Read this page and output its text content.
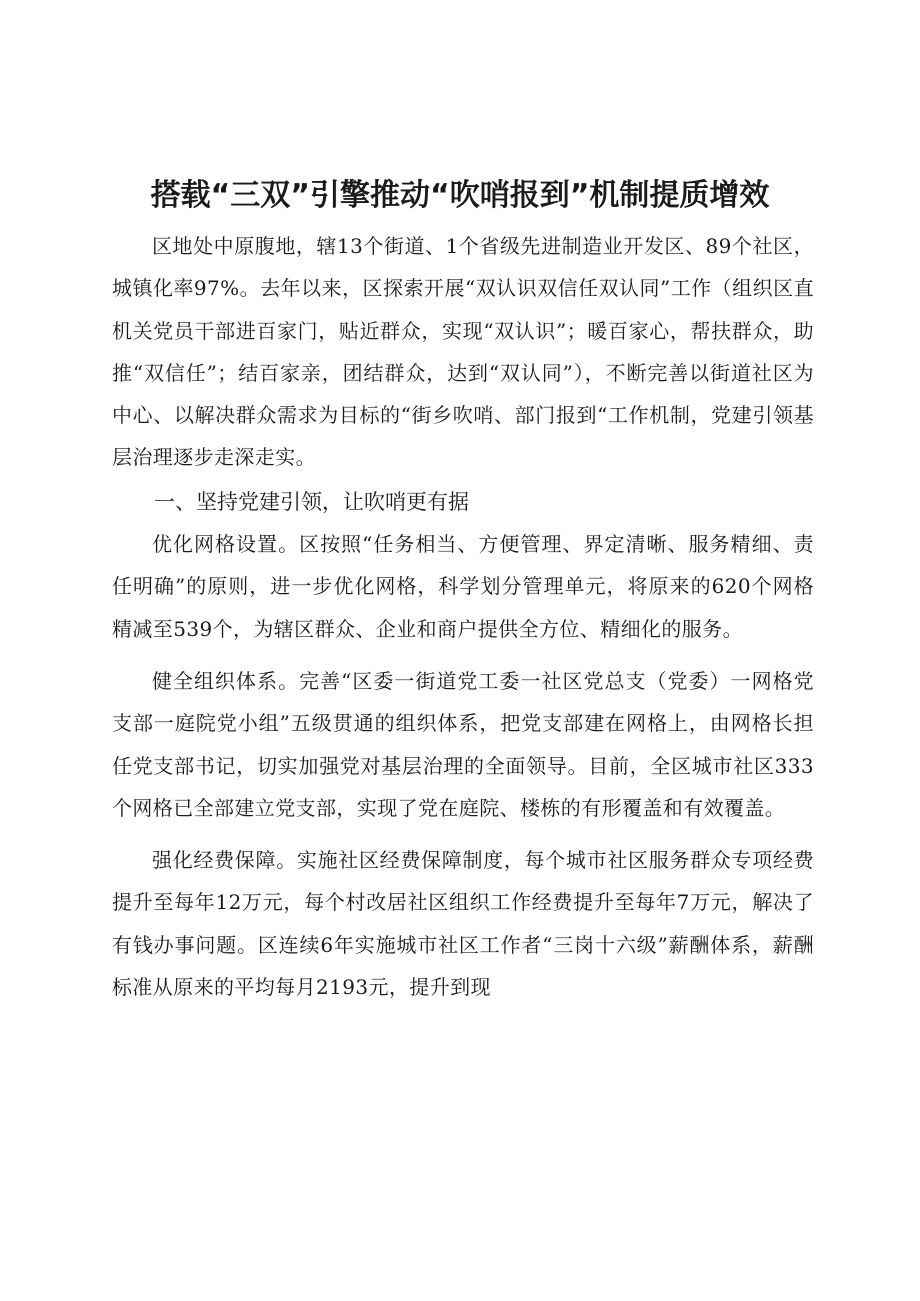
搭载“三双”引擎推动“吹哨报到”机制提质增效

区地处中原腹地，辖13个街道、1个省级先进制造业开发区、89个社区，城镇化率97%。去年以来，区探索开展“双认识双信任双认同”工作（组织区直机关党员干部进百家门，贴近群众，实现“双认识”；暖百家心，帮扶群众，助推“双信任”；结百家亲，团结群众，达到“双认同”），不断完善以街道社区为中心、以解决群众需求为目标的“街乡吹哨、部门报到“工作机制，党建引领基层治理逐步走深走实。

一、坚持党建引领，让吹哨更有据

优化网格设置。区按照“任务相当、方便管理、界定清晰、服务精细、责任明确”的原则，进一步优化网格，科学划分管理单元，将原来的620个网格精减至539个，为辖区群众、企业和商户提供全方位、精细化的服务。

健全组织体系。完善“区委一街道党工委一社区党总支（党委）一网格党支部一庭院党小组”五级贯通的组织体系，把党支部建在网格上，由网格长担任党支部书记，切实加强党对基层治理的全面领导。目前，全区城市社区333个网格已全部建立党支部，实现了党在庭院、楼栋的有形覆盖和有效覆盖。

强化经费保障。实施社区经费保障制度，每个城市社区服务群众专项经费提升至每年12万元，每个村改居社区组织工作经费提升至每年7万元，解决了有钱办事问题。区连续6年实施城市社区工作者“三岗十六级”薪酬体系，薪酬标准从原来的平均每月2193元，提升到现
